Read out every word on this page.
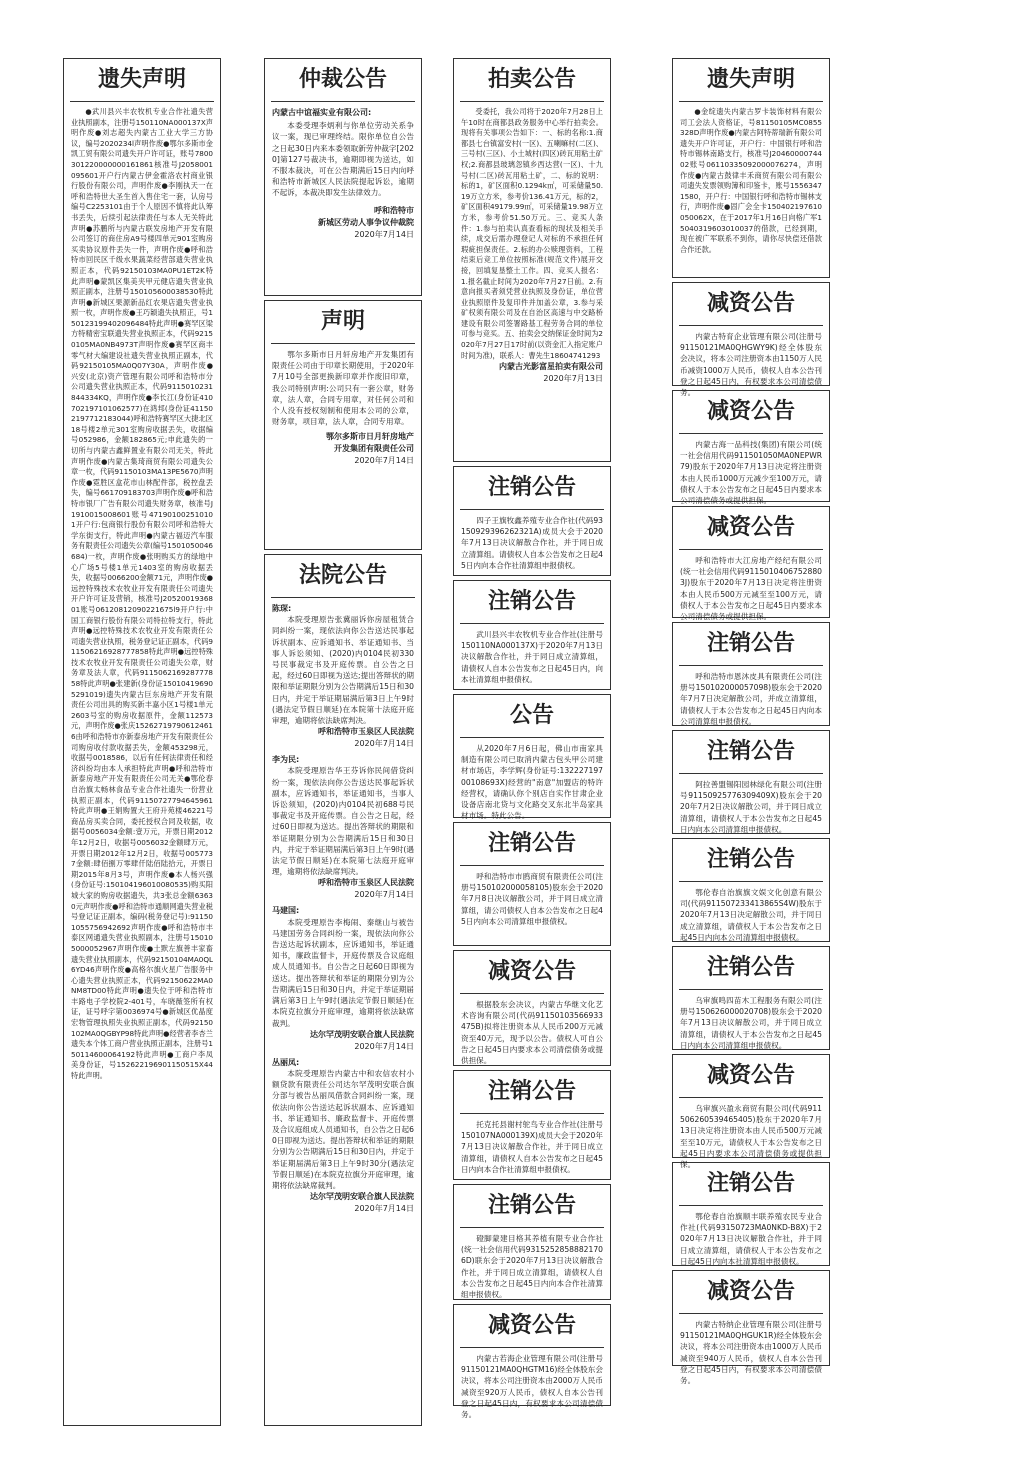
遗失声明

●武川县兴丰农牧机专业合作社遗失营业执照副本，注册号150110NA000137X声明作废●刘志超失内蒙古工业大学三方协议，编号2020234l声明作废●鄂尔多斯市金凯工贸有限公司遗失开户许可证，账号7800301220000000161861核准号J2058001095601开户行内蒙古伊金霍洛农村商业银行股份有限公司，声明作废●李刚执天一在呼和浩特世大圣生首入售住宅一套，认房号编号C2253101由于个人原因不慎将此认筹书丢失，后续引起法律责任与本人无关特此声明●苏鹏所与内蒙古联发房地产开发有限公司签订的商住房A9号楼四单元901室购房买卖协议原件丢失一件，声明作废●呼和浩特市回民区千级水果蔬菜经营部遗失营业执照正本，代码92150103MA0PU1ET2K特此声明●蒙凯区集美夹甲元健店遗失营业执照正副本，注册号150105600038530特此声明●新城区果源新品红农果店遗失营业执照一枚，声明作废●王巧颖遗失执照正，号150123199402096484特此声明●赛罕区梁方特精密宝联遗失营业执照正本，代码92150105MA0NB4973T声明作废●赛罕区商丰零气材大编建设社遗失营业执照正副本，代码92150105MA0Q07Y30A，声明作废●兴安(北京)资产管理有限公司呼和浩特市分公司遗失营业执照正本，代码9115010231844334KQ，声明作废●李长江(身份证410702197101062577)在鸿邦(身份证411502197712183044)呼和浩特赛罕区大捷北区18号楼2单元301室购房收据丢失，收据编号052986，金额182865元;申此遗失的一切所与内蒙古鑫鲜置业有限公司无关，特此声明作废●内蒙古集琦商贸有限公司遗失公章一枚，代码91150103MA13PE5670声明作废●霓胜区盒花市山林配件部，税控盘丢失，编号661709183703声明作废●呼和浩特市银厂广告有限公司遗失财务章，核准号J1910015008601账号471901002510101开户行:包商银行股份有限公司呼和浩特大学东街支行，特此声明●内蒙古福迈汽车服务有限责任公司遗失公章(编号1501050046684)一枚，声明作废●张明购买方的绿地中心广场5号楼1单元1403室的购房收据丢失，收据号0066200金额71元，声明作废●远控特殊技术农牧业开发有限责任公司遗失开户许可证及营销，核准号J2052001936801账号06120812090221675l9开户行:中国工商银行股份有限公司特拉特支行，特此声明●远控特殊技术农牧业开发有限责任公司遗失营业执照，税务登记证正副本，代码911506216928777858特此声明●远控特殊技术农牧业开发有限责任公司遗失公章，财务章及法人章，代码911506216928777858特此声明●张建新(身份证150104196905291019)遗失内蒙古巨东房地产开发有限责任公司出具的购买新丰嘉小区1号楼1单元2603号室的购房收据原件，金额112573元，声明作废●张庆152627197906124616由呼和浩特市亦新泰房地产开发有限责任公司购房收付款收据丢失，金额453298元，收据号0018586，以后有任何法律责任和经济纠纷均由本人承担特此声明●呼和浩特市新泰房地产开发有限责任公司无关●鄂伦春自治旗太畅林食品专业合作社遗失一份营业执照正副本，代码91150727794645961特此声明●王娟购置大王府升苑楼46221号商品房买卖合同，委托授权合同及收据，收据号0056034金额:壹万元，开票日期2012年12月2日，收据号0056032金额肆万元，开票日期2012年12月2日，收据号0057737金额:肆佰捌万零肆仟陆佰陆拾元，开票日期2015年8月3号，声明作废●本人杨兴强(身份证号:150104196010080535)购买阳城大家的购房收据遗失，共3张总金额63630元声明作废●呼和浩特市通顺网遗失营业税号登记证正副本，编码(税务登记号):911501055756942692声明作废●呼和浩特市丰泰区网通遗失营业执照副本，注册号150105000052967声明作废●土默左旗善丰家畜遗失营业执照副本，代码92150104MA0QL6YD46声明作废●高格尔旗火星广告服务中心遗失营业执照正本，代码92150622MA0NM8TD00特此声明●遗失位于呼和浩特市丰路电子学校院2-401号，车晓薇签所有权证，证号呼字第0036974号●新城区优晶度宏物管理执照失业执照正副本，代码92150102MA0QGBYP98特此声明●经营者李杏兰遗失本个体工商户营业执照正副本，注册号150114600064192特此声明●工商户李凤美身份证，号152622196901150515X44特此声明。

仲裁公告
内蒙古中谊福实业有限公司:

本委受理李炳利与你单位劳动关系争议一案，现已审理终结。限你单位自公告之日起30日内来本委领取新劳仲裁字[2020]第127号裁决书，逾期即视为送达，如不服本裁决，可在公告期满后15日内向呼和浩特市新城区人民法院提起诉讼，逾期不起诉，本裁决即发生法律效力。

呼和浩特市
新城区劳动人事争议仲裁院
2020年7月14日
声明

鄂尔多斯市日月轩房地产开发集团有限责任公司由于印章长期使用，于2020年7月10号全部更换新印章并作废旧印章，我公司特别声明:公司只有一套公章，财务章，法人章，合同专用章，对任何公司和个人没有授权刻制和使用本公司的公章，财务章，项目章，法人章，合同专用章。

鄂尔多斯市日月轩房地产
开发集团有限责任公司
2020年7月14日
法院公告
陈琛:

本院受理原告张冀丽诉你房屋租赁合同纠纷一案，现依法向你公告送达民事起诉状副本、应诉通知书、举证通知书、当事人诉讼须知、(2020)内0104民初330号民事裁定书及开庭传票。自公告之日起，经过60日即视为送达;提出答辩状的期限和举证期限分别为公告期满后15日和30日内，并定于举证期届满后第3日上午9时(遇法定节假日顺延)在本院第十法庭开庭审理，逾期将依法缺席判决。

呼和浩特市玉泉区人民法院
2020年7月14日
李为民:

本院受理原告华王芬诉你民间借贷纠纷一案，现依法向你公告送达民事起诉状副本，应诉通知书，举证通知书，当事人诉讼须知，(2020)内0104民初688号民事裁定书及开庭传票。自公告之日起，经过60日即视为送达。提出答辩状的期限和举证期限分别为公告期满后15日和30日内，并定于举证期届满后第3日上午9时(遇法定节假日顺延)在本院第七法庭开庭审理，逾期将依法缺席判决。

呼和浩特市玉泉区人民法院
2020年7月14日
马建国:

本院受理原告李梅闹、秦继山与被告马建国劳务合同纠纷一案，现依法向你公告送达起诉状副本，应诉通知书，举证通知书，廉政监督卡，开庭传票及合议庭组成人员通知书。自公告之日起60日即视为送达。提出答辩状和举证的期限分别为公告期满后15日和30日内，并定于举证期届满后第3日上午9时(遇法定节假日顺延)在本院克拉旗分开庭审理，逾期将依法缺席裁判。

达尔罕茂明安联合旗人民法院
2020年7月14日
丛丽凤:

本院受理原告内蒙古中和农信农村小额贷款有限责任公司达尔罕茂明安联合旗分部与被告丛丽凤借款合同纠纷一案，现依法向你公告送达起诉状副本、应诉通知书、举证通知书、廉政监督卡、开庭传票及合议庭组成人员通知书，自公告之日起60日即视为送达。提出答辩状和举证的期限分别为公告期满后15日和30日内，并定于举证期届满后第3日上午9时30分(遇法定节假日顺延)在本院克拉旗分开庭审理，逾期将依法缺席裁判。

达尔罕茂明安联合旗人民法院
2020年7月14日
拍卖公告

受委托，我公司将于2020年7月28日上午10时在商都县政务服务中心举行拍卖会。现将有关事项公告如下：一、标的名称:1.商都县七台镇富安村(一区)、五喇嘛村(二区)、三号村(三区)、小土城村(四区)砖瓦用粘土矿权;2.商都县玻璃忽镇乡西达营(一区)、十九号村(二区)砖瓦用粘土矿，二、标的说明：标的1，矿区面积0.1294k㎡，可采储量50.19万立方米，参考价136.41万元，标的2，矿区面积49179.99㎡，可采储量19.98万立方米，参考价51.50万元。三、竞买人条件：1.参与拍卖认真查看标的现状及相关手续，成交后需办理登记人对标的不承担任何瑕疵担保责任。2.标的办公赎理资料，工程结束后竞工单位按照标准(规范文件)展开交接，回填复垦整土工作。四、竞买人报名：1.报名截止时间为2020年7月27日前。2.有意向报买者须凭营业执照及身份证，单位营业执照原件及复印件并加盖公章，3.参与采矿权须有限公司及在自治区高速与中交路桥建设有限公司签署路基工程劳务合同的单位可参与竞买。五、拍卖会交纳保证金时间为2020年7月27日17时前(以资金汇入指定账户时间为准)，联系人：曹先生18604741293

内蒙古光影富星拍卖有限公司
2020年7月13日
注销公告

四子王旗牧鑫养殖专业合作社(代码93150929396262321A)成员大会于2020年7月13日决议解散合作社，并于同日成立清算组。请债权人自本公告发布之日起45日内向本合作社清算组申报债权。

注销公告

武川县兴丰农牧机专业合作社(注册号150110NA000137X)于2020年7月13日决议解散合作社，并于同日成立清算组，请债权人自本公告发布之日起45日内，向本社清算组申报债权。

公告

从2020年7月6日起，佛山市南家具制造有限公司已取消内蒙古包头甲公司建材市场店，李学辉(身份证号:13222719700108693X)经营的"南意"加盟店的特许经营权，请确认你个别店自实作甘肃企业设备店南北贷与文化路交叉东北半岛家具材市场。特此公告。

注销公告

呼和浩特市市鸥商贸有限责任公司(注册号150102000058105)股东会于2020年7月8日决议解散公司，并于同日成立清算组，请公司债权人自本公告发布之日起45日内向本公司清算组申报债权。

减资公告

根据股东会决议，内蒙古华继文化艺术咨询有限公司(代码91150103566933475B)拟将注册资本从人民币200万元减资至40万元，现予以公告。债权人可自公告之日起45日内要求本公司清偿债务或提供担保。

注销公告

托克托县谢村鸵鸟专业合作社(注册号150107NA000139X)成员大会于2020年7月13日决议解散合作社，并于同日成立清算组，请债权人自本公告发布之日起45日内向本合作社清算组申报债权。

注销公告

磴脚蒙建目格其养植有限专业合作社(统一社会信用代码93152528588821706D)联东会于2020年7月13日决议解散合作社，并于同日成立清算组，请债权人自本公告发布之日起45日内向本合作社清算组申报债权。

减资公告

内蒙古若海企业管理有限公司(注册号91150121MA0QHGTM16)经全体股东会决议，将本公司注册资本由2000万人民币减资至920万人民币，债权人自本公告刊登之日起45日内，有权要求本公司清偿债务。

遗失声明

●金绽遗失内蒙古罗卡装饰材料有限公司工会法人资格证，号81150105MC0855328D声明作废●内蒙古阿特蒂瑞新有限公司遗失开户许可证，开户行：中国银行呼和浩特市锡林南路支行，核准号J2046000074402账号06110335092000076274，声明作废●内蒙古鼓律丰禾商贸有限公司有限公司遗失发票领购簿和印鉴卡，账号15563471580，开户行：中国银行呼和浩特市锡林支行，声明作废●固广会全卡150402197610050062X，在于2017年1月16日向格广军15040319603010037的借款，已经到期，现在被广军联系不到你，请你尽快偿还借款合作还款。

减资公告

内蒙古特育企业管理有限公司(注册号91150121MA0QHGWY9K)经全体股东会决议，将本公司注册资本由1150万人民币减资1000万人民币，债权人自本公告刊登之日起45日内，有权要求本公司清偿债务。

减资公告

内蒙古海一品科技(集团)有限公司(统一社会信用代码911501050MA0NEPWR79)股东于2020年7月13日决定将注册资本由人民币1000万元减少至100万元，请债权人于本公告发布之日起45日内要求本公司清偿债务或提供担保。

减资公告

呼和浩特市大江房地产经纪有限公司(统一社会信用代码91150104067528803J)股东于2020年7月13日决定将注册资本由人民币500万元减至至100万元，请债权人于本公告发布之日起45日内要求本公司清偿债务或提供担保。

注销公告

呼和浩特市恩沐皮具有限责任公司(注册号150102000057098)股东会于2020年7月7日决定解散公司，并成立清算组，请债权人于本公告发布之日起45日内向本公司清算组申报债权。

注销公告

阿拉善盟锡阳园林绿化有限公司(注册号91150925776309409X)股东会于2020年7月2日决议解散公司，并于同日成立清算组，请债权人于本公告发布之日起45日内向本公司清算组申报债权。

注销公告

鄂伦春自治旗旗文娱文化创意有限公司(代码911507233413865S4W)股东于2020年7月13日决定解散公司，并于同日成立清算组，请债权人于本公告发布之日起45日内向本公司清算组申报债权。

注销公告

乌审旗鸣四苗木工程服务有限公司(注册号150626000020708)股东会于2020年7月13日决议解散公司，并于同日成立清算组，请债权人于本公告发布之日起45日内向本公司清算组申报债权。

减资公告

乌审旗兴盈永商贸有限公司(代码911506260539465405)股东于2020年7月13日决定将注册资本由人民币500万元减至至10万元，请债权人于本公告发布之日起45日内要求本公司清偿债务或提供担保。

注销公告

鄂伦春自治旗顺丰联养殖农民专业合作社(代码93150723MA0NKD-B8X)于2020年7月13日决议解散合作社，并于同日成立清算组，请债权人于本公告发布之日起45日内向本社清算组申报债权。

减资公告

内蒙古特纳企业管理有限公司(注册号91150121MA0QHGUK1R)经全体股东会决议，将本公司注册资本由1000万人民币减资至940万人民币，债权人自本公告刊登之日起45日内，有权要求本公司清偿债务。
